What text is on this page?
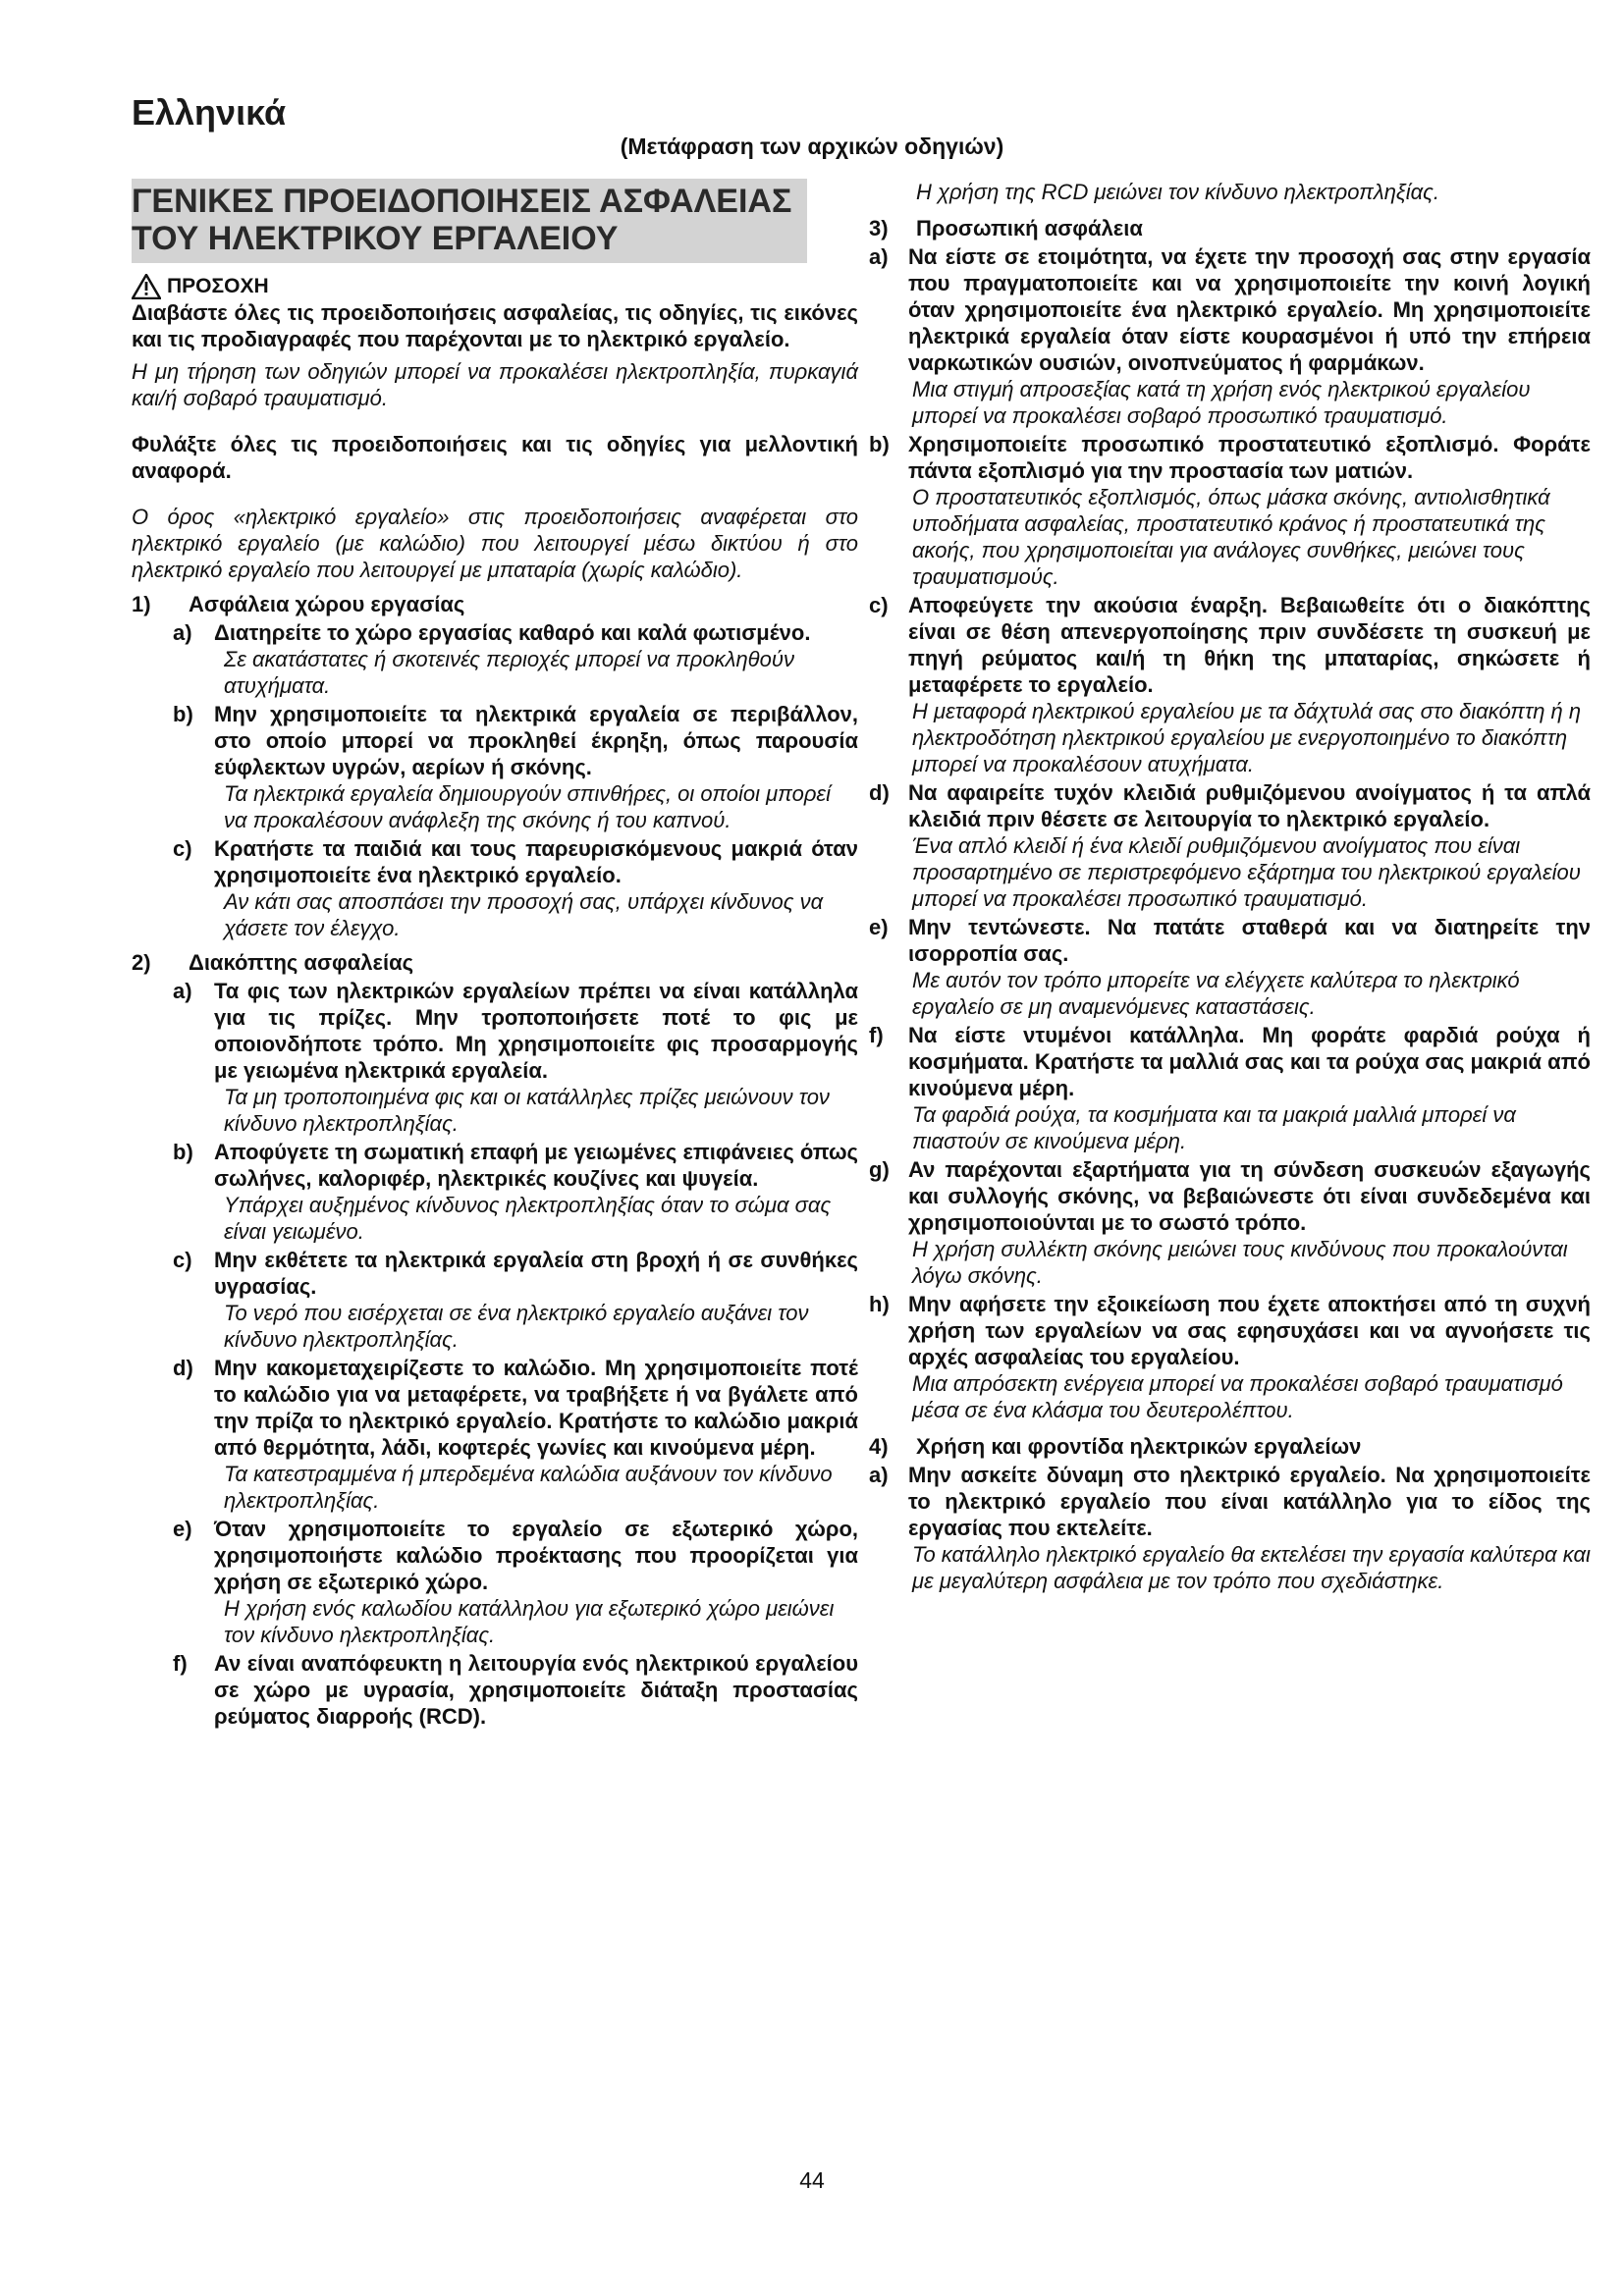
Ελληνικά
(Μετάφραση των αρχικών οδηγιών)
ΓΕΝΙΚΕΣ ΠΡΟΕΙΔΟΠΟΙΗΣΕΙΣ ΑΣΦΑΛΕΙΑΣ ΤΟΥ ΗΛΕΚΤΡΙΚΟΥ ΕΡΓΑΛΕΙΟΥ
ΠΡΟΣΟΧΗ
Διαβάστε όλες τις προειδοποιήσεις ασφαλείας, τις οδηγίες, τις εικόνες και τις προδιαγραφές που παρέχονται με το ηλεκτρικό εργαλείο.
Η μη τήρηση των οδηγιών μπορεί να προκαλέσει ηλεκτροπληξία, πυρκαγιά και/ή σοβαρό τραυματισμό.
Φυλάξτε όλες τις προειδοποιήσεις και τις οδηγίες για μελλοντική αναφορά.
Ο όρος «ηλεκτρικό εργαλείο» στις προειδοποιήσεις αναφέρεται στο ηλεκτρικό εργαλείο (με καλώδιο) που λειτουργεί μέσω δικτύου ή στο ηλεκτρικό εργαλείο που λειτουργεί με μπαταρία (χωρίς καλώδιο).
1)	Ασφάλεια χώρου εργασίας
a)	Διατηρείτε το χώρο εργασίας καθαρό και καλά φωτισμένο.
Σε ακατάστατες ή σκοτεινές περιοχές μπορεί να προκληθούν ατυχήματα.
b) Μην χρησιμοποιείτε τα ηλεκτρικά εργαλεία σε περιβάλλον, στο οποίο μπορεί να προκληθεί έκρηξη, όπως παρουσία εύφλεκτων υγρών, αερίων ή σκόνης.
Τα ηλεκτρικά εργαλεία δημιουργούν σπινθήρες, οι οποίοι μπορεί να προκαλέσουν ανάφλεξη της σκόνης ή του καπνού.
c)	Κρατήστε τα παιδιά και τους παρευρισκόμενους μακριά όταν χρησιμοποιείτε ένα ηλεκτρικό εργαλείο.
Αν κάτι σας αποσπάσει την προσοχή σας, υπάρχει κίνδυνος να χάσετε τον έλεγχο.
2)	Διακόπτης ασφαλείας
a)	Τα φις των ηλεκτρικών εργαλείων πρέπει να είναι κατάλληλα για τις πρίζες. Μην τροποποιήσετε ποτέ το φις με οποιονδήποτε τρόπο. Μη χρησιμοποιείτε φις προσαρμογής με γειωμένα ηλεκτρικά εργαλεία.
Τα μη τροποποιημένα φις και οι κατάλληλες πρίζες μειώνουν τον κίνδυνο ηλεκτροπληξίας.
b) Αποφύγετε τη σωματική επαφή με γειωμένες επιφάνειες όπως σωλήνες, καλοριφέρ, ηλεκτρικές κουζίνες και ψυγεία.
Υπάρχει αυξημένος κίνδυνος ηλεκτροπληξίας όταν το σώμα σας είναι γειωμένο.
c)	Μην εκθέτετε τα ηλεκτρικά εργαλεία στη βροχή ή σε συνθήκες υγρασίας.
Το νερό που εισέρχεται σε ένα ηλεκτρικό εργαλείο αυξάνει τον κίνδυνο ηλεκτροπληξίας.
d) Μην κακομεταχειρίζεστε το καλώδιο. Μη χρησιμοποιείτε ποτέ το καλώδιο για να μεταφέρετε, να τραβήξετε ή να βγάλετε από την πρίζα το ηλεκτρικό εργαλείο. Κρατήστε το καλώδιο μακριά από θερμότητα, λάδι, κοφτερές γωνίες και κινούμενα μέρη.
Τα κατεστραμμένα ή μπερδεμένα καλώδια αυξάνουν τον κίνδυνο ηλεκτροπληξίας.
e)	Όταν χρησιμοποιείτε το εργαλείο σε εξωτερικό χώρο, χρησιμοποιήστε καλώδιο προέκτασης που προορίζεται για χρήση σε εξωτερικό χώρο.
Η χρήση ενός καλωδίου κατάλληλου για εξωτερικό χώρο μειώνει τον κίνδυνο ηλεκτροπληξίας.
f)	Αν είναι αναπόφευκτη η λειτουργία ενός ηλεκτρικού εργαλείου σε χώρο με υγρασία, χρησιμοποιείτε διάταξη προστασίας ρεύματος διαρροής (RCD).
Η χρήση της RCD μειώνει τον κίνδυνο ηλεκτροπληξίας.
3)	Προσωπική ασφάλεια
a) Να είστε σε ετοιμότητα, να έχετε την προσοχή σας στην εργασία που πραγματοποιείτε και να χρησιμοποιείτε την κοινή λογική όταν χρησιμοποιείτε ένα ηλεκτρικό εργαλείο. Μη χρησιμοποιείτε ηλεκτρικά εργαλεία όταν είστε κουρασμένοι ή υπό την επήρεια ναρκωτικών ουσιών, οινοπνεύματος ή φαρμάκων.
Μια στιγμή απροσεξίας κατά τη χρήση ενός ηλεκτρικού εργαλείου μπορεί να προκαλέσει σοβαρό προσωπικό τραυματισμό.
b) Χρησιμοποιείτε προσωπικό προστατευτικό εξοπλισμό. Φοράτε πάντα εξοπλισμό για την προστασία των ματιών.
Ο προστατευτικός εξοπλισμός, όπως μάσκα σκόνης, αντιολισθητικά υποδήματα ασφαλείας, προστατευτικό κράνος ή προστατευτικά της ακοής, που χρησιμοποιείται για ανάλογες συνθήκες, μειώνει τους τραυματισμούς.
c) Αποφεύγετε την ακούσια έναρξη. Βεβαιωθείτε ότι ο διακόπτης είναι σε θέση απενεργοποίησης πριν συνδέσετε τη συσκευή με πηγή ρεύματος και/ή τη θήκη της μπαταρίας, σηκώσετε ή μεταφέρετε το εργαλείο.
Η μεταφορά ηλεκτρικού εργαλείου με τα δάχτυλά σας στο διακόπτη ή η ηλεκτροδότηση ηλεκτρικού εργαλείου με ενεργοποιημένο το διακόπτη μπορεί να προκαλέσουν ατυχήματα.
d) Να αφαιρείτε τυχόν κλειδιά ρυθμιζόμενου ανοίγματος ή τα απλά κλειδιά πριν θέσετε σε λειτουργία το ηλεκτρικό εργαλείο.
Ένα απλό κλειδί ή ένα κλειδί ρυθμιζόμενου ανοίγματος που είναι προσαρτημένο σε περιστρεφόμενο εξάρτημα του ηλεκτρικού εργαλείου μπορεί να προκαλέσει προσωπικό τραυματισμό.
e) Μην τεντώνεστε. Να πατάτε σταθερά και να διατηρείτε την ισορροπία σας.
Με αυτόν τον τρόπο μπορείτε να ελέγχετε καλύτερα το ηλεκτρικό εργαλείο σε μη αναμενόμενες καταστάσεις.
f)	Να είστε ντυμένοι κατάλληλα. Μη φοράτε φαρδιά ρούχα ή κοσμήματα. Κρατήστε τα μαλλιά σας και τα ρούχα σας μακριά από κινούμενα μέρη.
Τα φαρδιά ρούχα, τα κοσμήματα και τα μακριά μαλλιά μπορεί να πιαστούν σε κινούμενα μέρη.
g) Αν παρέχονται εξαρτήματα για τη σύνδεση συσκευών εξαγωγής και συλλογής σκόνης, να βεβαιώνεστε ότι είναι συνδεδεμένα και χρησιμοποιούνται με το σωστό τρόπο.
Η χρήση συλλέκτη σκόνης μειώνει τους κινδύνους που προκαλούνται λόγω σκόνης.
h) Μην αφήσετε την εξοικείωση που έχετε αποκτήσει από τη συχνή χρήση των εργαλείων να σας εφησυχάσει και να αγνοήσετε τις αρχές ασφαλείας του εργαλείου.
Μια απρόσεκτη ενέργεια μπορεί να προκαλέσει σοβαρό τραυματισμό μέσα σε ένα κλάσμα του δευτερολέπτου.
4)	Χρήση και φροντίδα ηλεκτρικών εργαλείων
a) Μην ασκείτε δύναμη στο ηλεκτρικό εργαλείο. Να χρησιμοποιείτε το ηλεκτρικό εργαλείο που είναι κατάλληλο για το είδος της εργασίας που εκτελείτε.
Το κατάλληλο ηλεκτρικό εργαλείο θα εκτελέσει την εργασία καλύτερα και με μεγαλύτερη ασφάλεια με τον τρόπο που σχεδιάστηκε.
44
